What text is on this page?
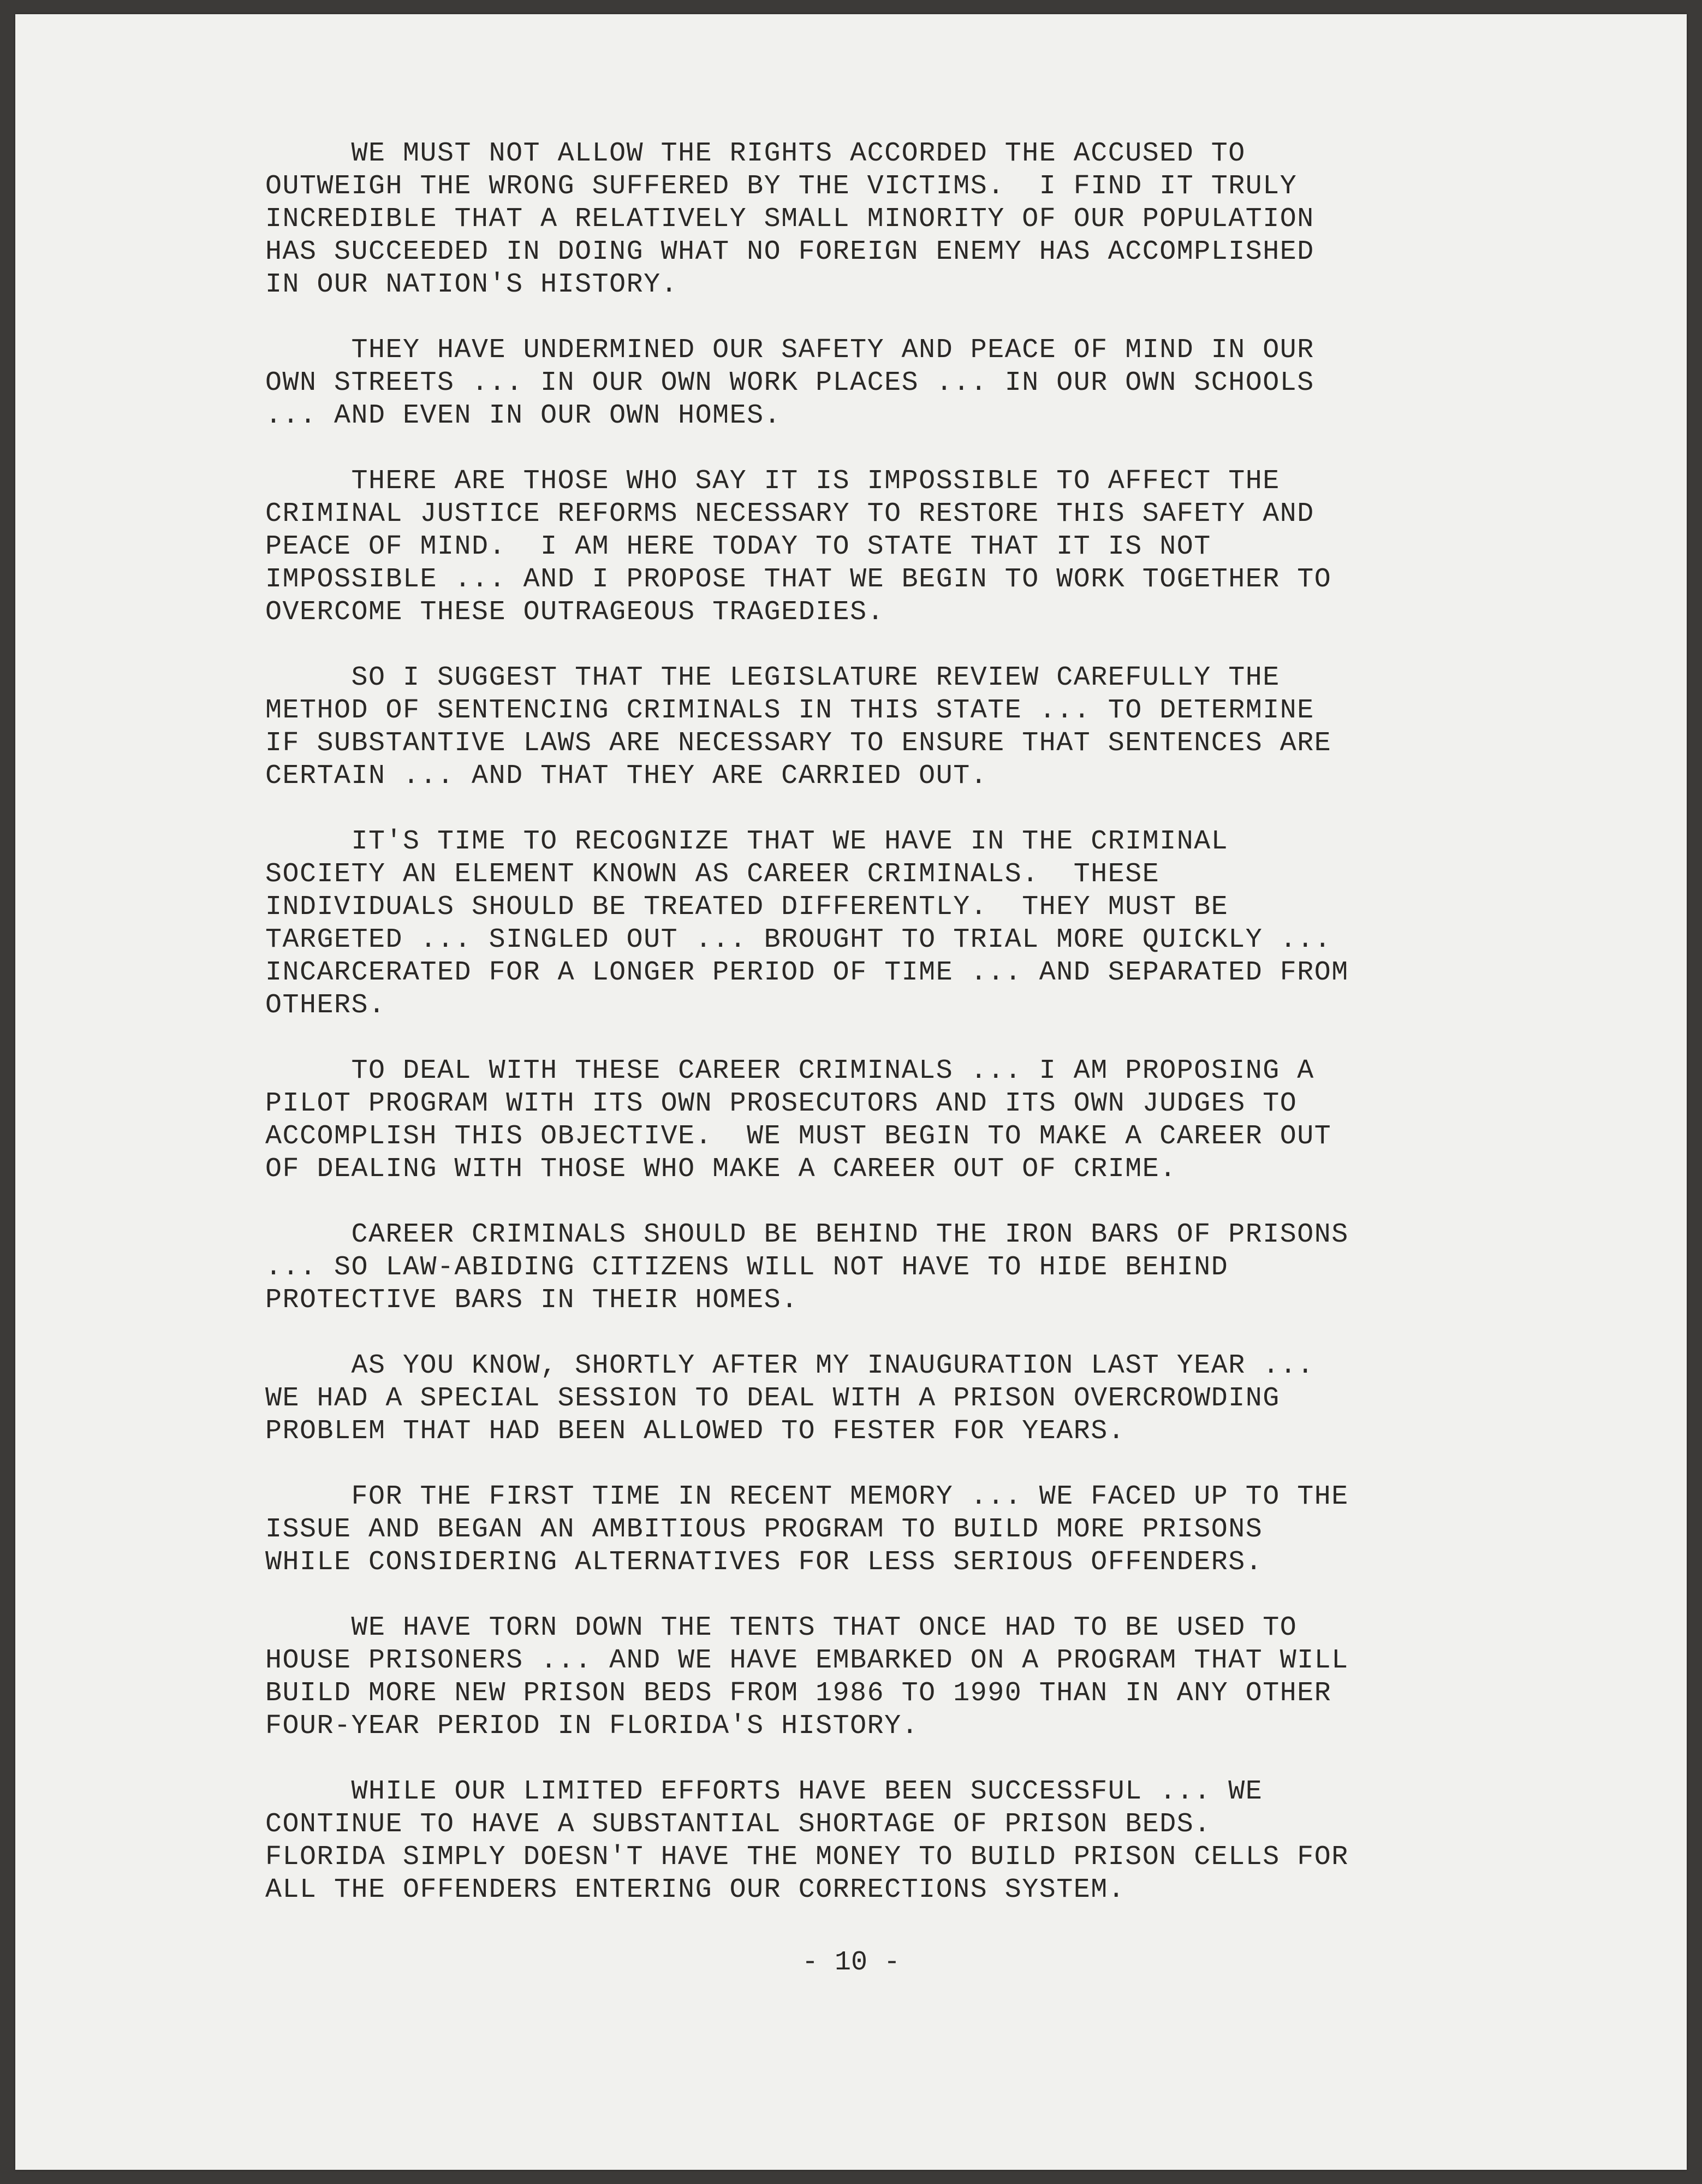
WE MUST NOT ALLOW THE RIGHTS ACCORDED THE ACCUSED TO
OUTWEIGH THE WRONG SUFFERED BY THE VICTIMS.  I FIND IT TRULY
INCREDIBLE THAT A RELATIVELY SMALL MINORITY OF OUR POPULATION
HAS SUCCEEDED IN DOING WHAT NO FOREIGN ENEMY HAS ACCOMPLISHED
IN OUR NATION'S HISTORY.
THEY HAVE UNDERMINED OUR SAFETY AND PEACE OF MIND IN OUR
OWN STREETS ... IN OUR OWN WORK PLACES ... IN OUR OWN SCHOOLS
... AND EVEN IN OUR OWN HOMES.
THERE ARE THOSE WHO SAY IT IS IMPOSSIBLE TO AFFECT THE
CRIMINAL JUSTICE REFORMS NECESSARY TO RESTORE THIS SAFETY AND
PEACE OF MIND.  I AM HERE TODAY TO STATE THAT IT IS NOT
IMPOSSIBLE ... AND I PROPOSE THAT WE BEGIN TO WORK TOGETHER TO
OVERCOME THESE OUTRAGEOUS TRAGEDIES.
SO I SUGGEST THAT THE LEGISLATURE REVIEW CAREFULLY THE
METHOD OF SENTENCING CRIMINALS IN THIS STATE ... TO DETERMINE
IF SUBSTANTIVE LAWS ARE NECESSARY TO ENSURE THAT SENTENCES ARE
CERTAIN ... AND THAT THEY ARE CARRIED OUT.
IT'S TIME TO RECOGNIZE THAT WE HAVE IN THE CRIMINAL
SOCIETY AN ELEMENT KNOWN AS CAREER CRIMINALS.  THESE
INDIVIDUALS SHOULD BE TREATED DIFFERENTLY.  THEY MUST BE
TARGETED ... SINGLED OUT ... BROUGHT TO TRIAL MORE QUICKLY ...
INCARCERATED FOR A LONGER PERIOD OF TIME ... AND SEPARATED FROM
OTHERS.
TO DEAL WITH THESE CAREER CRIMINALS ... I AM PROPOSING A
PILOT PROGRAM WITH ITS OWN PROSECUTORS AND ITS OWN JUDGES TO
ACCOMPLISH THIS OBJECTIVE.  WE MUST BEGIN TO MAKE A CAREER OUT
OF DEALING WITH THOSE WHO MAKE A CAREER OUT OF CRIME.
CAREER CRIMINALS SHOULD BE BEHIND THE IRON BARS OF PRISONS
... SO LAW-ABIDING CITIZENS WILL NOT HAVE TO HIDE BEHIND
PROTECTIVE BARS IN THEIR HOMES.
AS YOU KNOW, SHORTLY AFTER MY INAUGURATION LAST YEAR ...
WE HAD A SPECIAL SESSION TO DEAL WITH A PRISON OVERCROWDING
PROBLEM THAT HAD BEEN ALLOWED TO FESTER FOR YEARS.
FOR THE FIRST TIME IN RECENT MEMORY ... WE FACED UP TO THE
ISSUE AND BEGAN AN AMBITIOUS PROGRAM TO BUILD MORE PRISONS
WHILE CONSIDERING ALTERNATIVES FOR LESS SERIOUS OFFENDERS.
WE HAVE TORN DOWN THE TENTS THAT ONCE HAD TO BE USED TO
HOUSE PRISONERS ... AND WE HAVE EMBARKED ON A PROGRAM THAT WILL
BUILD MORE NEW PRISON BEDS FROM 1986 TO 1990 THAN IN ANY OTHER
FOUR-YEAR PERIOD IN FLORIDA'S HISTORY.
WHILE OUR LIMITED EFFORTS HAVE BEEN SUCCESSFUL ... WE
CONTINUE TO HAVE A SUBSTANTIAL SHORTAGE OF PRISON BEDS.
FLORIDA SIMPLY DOESN'T HAVE THE MONEY TO BUILD PRISON CELLS FOR
ALL THE OFFENDERS ENTERING OUR CORRECTIONS SYSTEM.
- 10 -
